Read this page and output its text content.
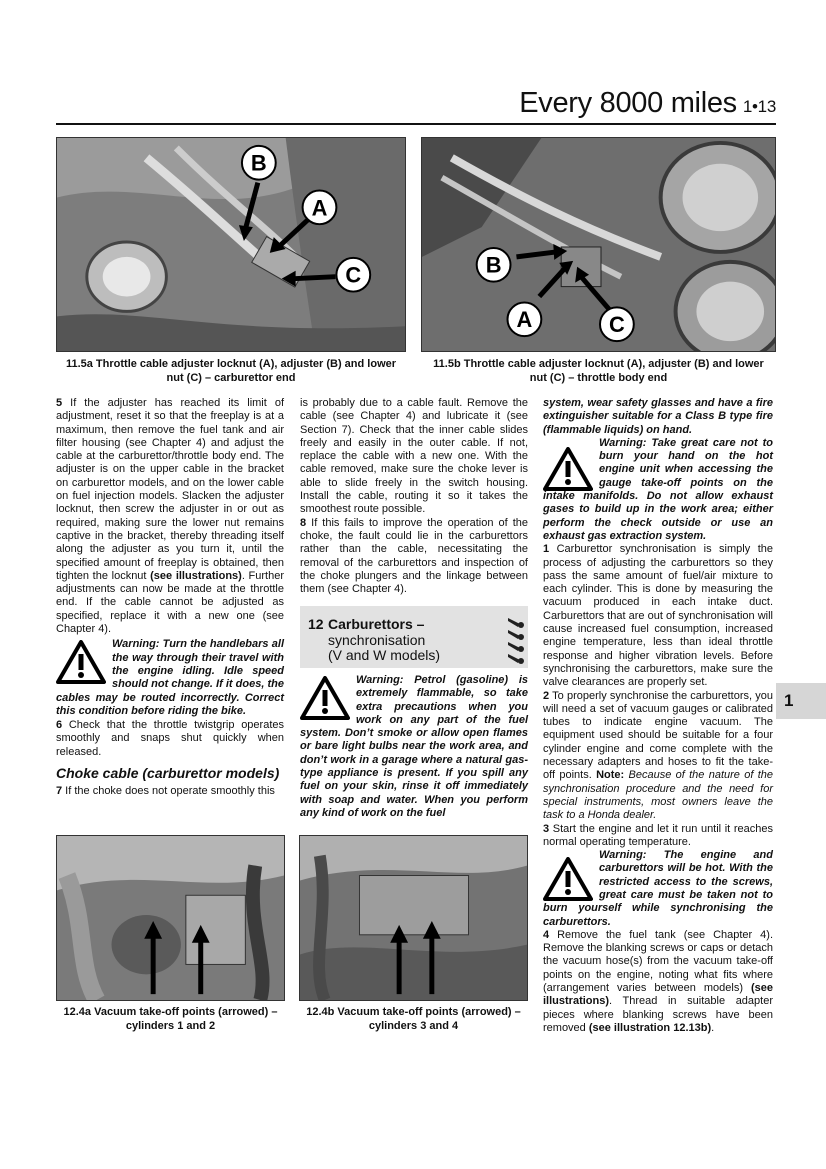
Every 8000 miles 1•13
B
A
C
11.5a Throttle cable adjuster locknut (A), adjuster (B) and lower
nut (C) – carburettor end
B
A	C
11.5b Throttle cable adjuster locknut (A), adjuster (B) and lower
nut (C) – throttle body end

5 If the adjuster has reached its limit of adjustment, reset it so that the freeplay is at a maximum, then remove the fuel tank and air filter housing (see Chapter 4) and adjust the cable at the carburettor/throttle body end. The adjuster is on the upper cable in the bracket on carburettor models, and on the lower cable on fuel injection models. Slacken the adjuster locknut, then screw the adjuster in or out as required, making sure the lower nut remains captive in the bracket, thereby threading itself along the adjuster as you turn it, until the specified amount of freeplay is obtained, then tighten the locknut (see illustrations). Further adjustments can now be made at the throttle end. If the cable cannot be adjusted as specified, replace it with a new one (see Chapter 4).

Warning: Turn the handlebars all the way through their travel with the engine idling. Idle speed should not change. If it does, the cables may be routed incorrectly. Correct this condition before riding the bike.

6 Check that the throttle twistgrip operates smoothly and snaps shut quickly when released.

Choke cable (carburettor models)

7 If the choke does not operate smoothly this

is probably due to a cable fault. Remove the cable (see Chapter 4) and lubricate it (see Section 7). Check that the inner cable slides freely and easily in the outer cable. If not, replace the cable with a new one. With the cable removed, make sure the choke lever is able to slide freely in the switch housing. Install the cable, routing it so it takes the smoothest route possible.

8 If this fails to improve the operation of the choke, the fault could lie in the carburettors rather than the cable, necessitating the removal of the carburettors and inspection of the choke plungers and the linkage between them (see Chapter 4).

12 Carburettors –
synchronisation
(V and W models)

Warning: Petrol (gasoline) is extremely flammable, so take extra precautions when you work on any part of the fuel system. Don’t smoke or allow open flames or bare light bulbs near the work area, and don’t work in a garage where a natural gas-type appliance is present. If you spill any fuel on your skin, rinse it off immediately with soap and water. When you perform any kind of work on the fuel

system, wear safety glasses and have a fire extinguisher suitable for a Class B type fire (flammable liquids) on hand.

Warning: Take great care not to burn your hand on the hot engine unit when accessing the gauge take-off points on the intake manifolds. Do not allow exhaust gases to build up in the work area; either perform the check outside or use an exhaust gas extraction system.

1 Carburettor synchronisation is simply the process of adjusting the carburettors so they pass the same amount of fuel/air mixture to each cylinder. This is done by measuring the vacuum produced in each intake duct. Carburettors that are out of synchronisation will cause increased fuel consumption, increased engine temperature, less than ideal throttle response and higher vibration levels. Before synchronising the carburettors, make sure the valve clearances are properly set.

2 To properly synchronise the carburettors, you will need a set of vacuum gauges or calibrated tubes to indicate engine vacuum. The equipment used should be suitable for a four cylinder engine and come complete with the necessary adapters and hoses to fit the take-off points. Note: Because of the nature of the synchronisation procedure and the need for special instruments, most owners leave the task to a Honda dealer.

3 Start the engine and let it run until it reaches normal operating temperature.

Warning: The engine and carburettors will be hot. With the restricted access to the screws, great care must be taken not to burn yourself while synchronising the carburettors.

4 Remove the fuel tank (see Chapter 4). Remove the blanking screws or caps or detach the vacuum hose(s) from the vacuum take-off points on the engine, noting what fits where (arrangement varies between models) (see illustrations). Thread in suitable adapter pieces where blanking screws have been removed (see illustration 12.13b).

1
12.4a Vacuum take-off points (arrowed) –
cylinders 1 and 2
12.4b Vacuum take-off points (arrowed) –
cylinders 3 and 4
